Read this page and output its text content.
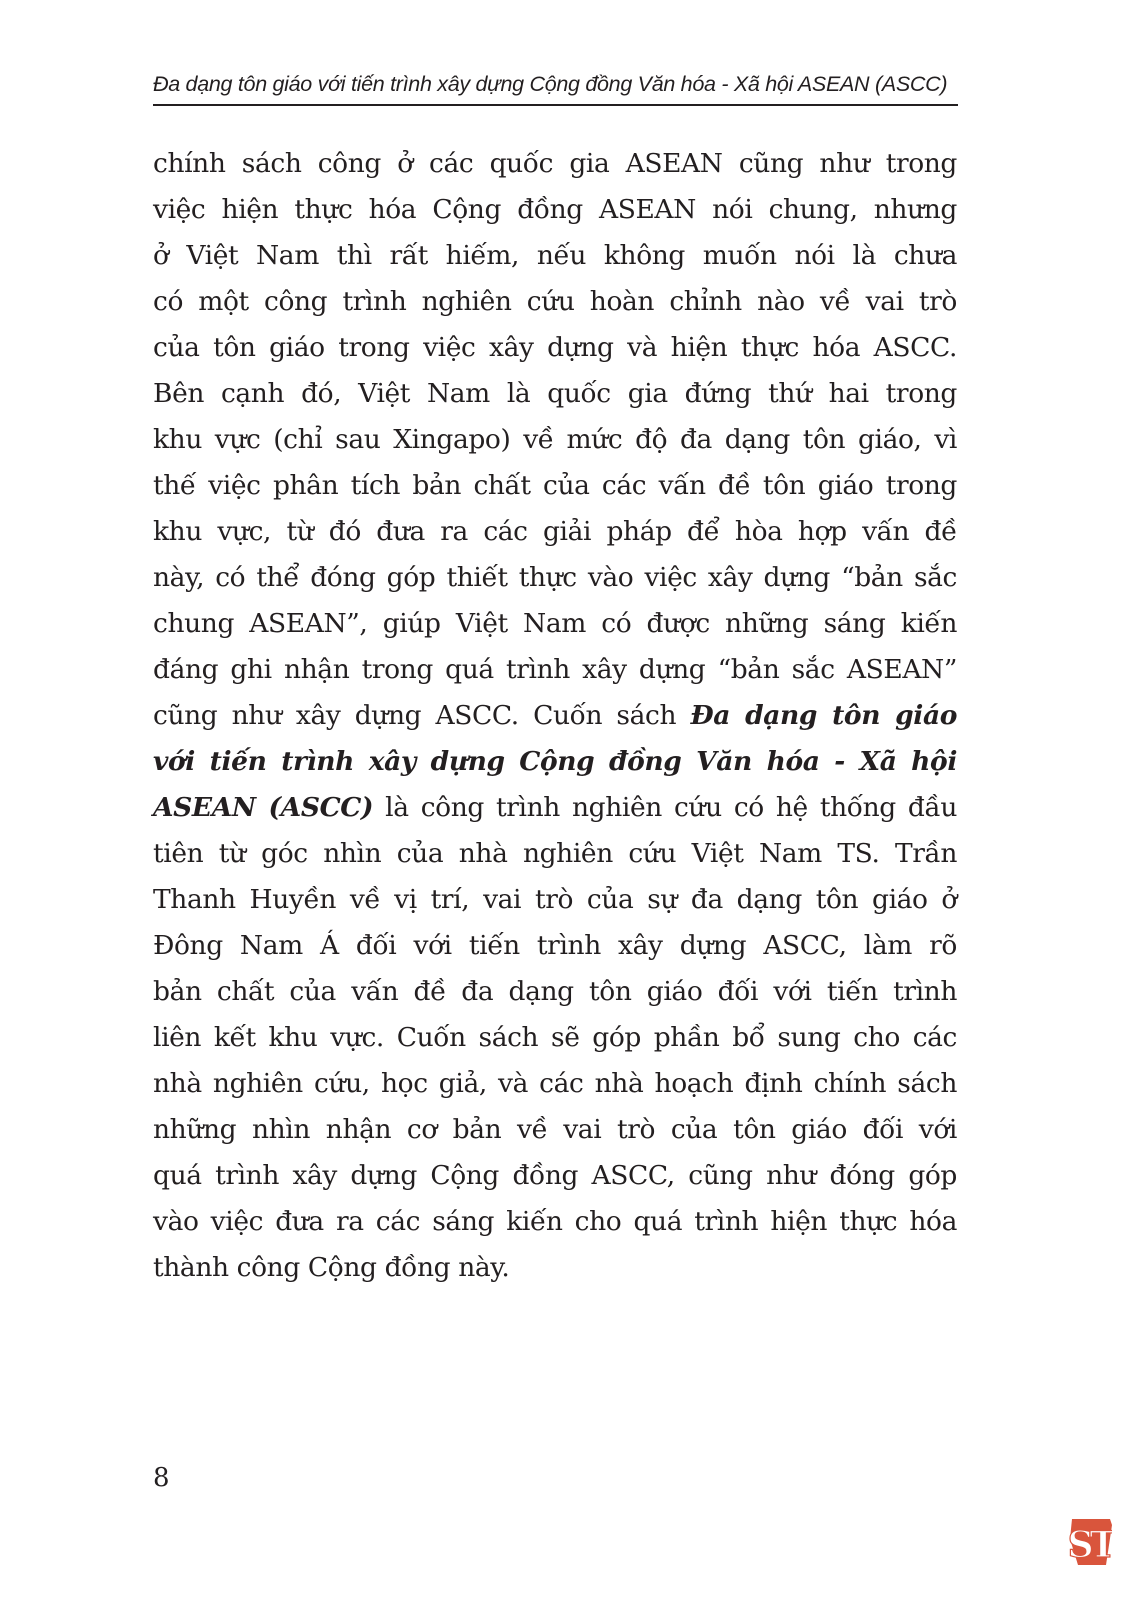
Đa dạng tôn giáo với tiến trình xây dựng Cộng đồng Văn hóa - Xã hội ASEAN (ASCC)
chính sách công ở các quốc gia ASEAN cũng như trong
việc hiện thực hóa Cộng đồng ASEAN nói chung, nhưng
ở Việt Nam thì rất hiếm, nếu không muốn nói là chưa
có một công trình nghiên cứu hoàn chỉnh nào về vai trò
của tôn giáo trong việc xây dựng và hiện thực hóa ASCC.
Bên cạnh đó, Việt Nam là quốc gia đứng thứ hai trong
khu vực (chỉ sau Xingapo) về mức độ đa dạng tôn giáo, vì
thế việc phân tích bản chất của các vấn đề tôn giáo trong
khu vực, từ đó đưa ra các giải pháp để hòa hợp vấn đề
này, có thể đóng góp thiết thực vào việc xây dựng “bản sắc
chung ASEAN”, giúp Việt Nam có được những sáng kiến
đáng ghi nhận trong quá trình xây dựng “bản sắc ASEAN”
cũng như xây dựng ASCC. Cuốn sách Đa dạng tôn giáo
với tiến trình xây dựng Cộng đồng Văn hóa - Xã hội
ASEAN (ASCC) là công trình nghiên cứu có hệ thống đầu
tiên từ góc nhìn của nhà nghiên cứu Việt Nam TS. Trần
Thanh Huyền về vị trí, vai trò của sự đa dạng tôn giáo ở
Đông Nam Á đối với tiến trình xây dựng ASCC, làm rõ
bản chất của vấn đề đa dạng tôn giáo đối với tiến trình
liên kết khu vực. Cuốn sách sẽ góp phần bổ sung cho các
nhà nghiên cứu, học giả, và các nhà hoạch định chính sách
những nhìn nhận cơ bản về vai trò của tôn giáo đối với
quá trình xây dựng Cộng đồng ASCC, cũng như đóng góp
vào việc đưa ra các sáng kiến cho quá trình hiện thực hóa
thành công Cộng đồng này.
8
ST
